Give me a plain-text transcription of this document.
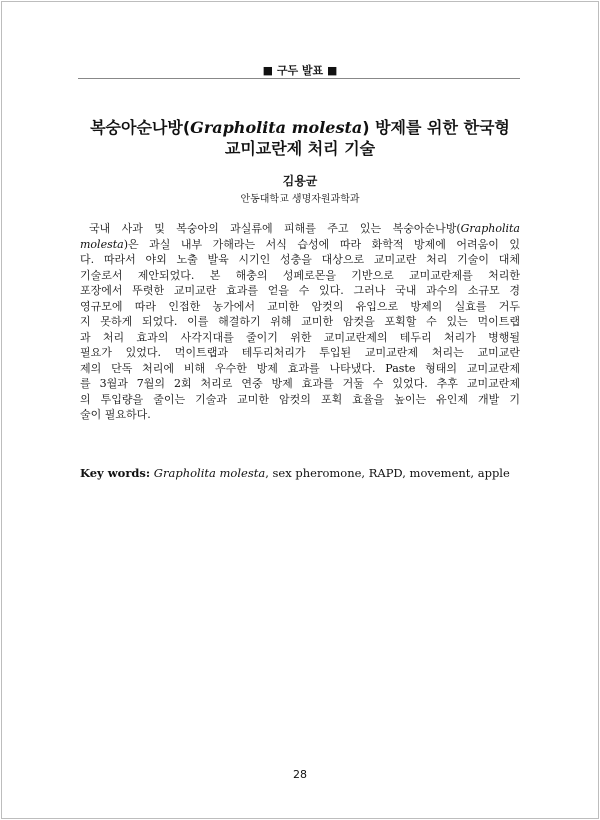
■ 구두 발표 ■
복숭아순나방(Grapholita molesta) 방제를 위한 한국형
교미교란제 처리 기술
김용균
안동대학교 생명자원과학과
국내 사과 및 복숭아의 과실류에 피해를 주고 있는 복숭아순나방(Grapholita
molesta)은 과실 내부 가해라는 서식 습성에 따라 화학적 방제에 어려움이 있
다. 따라서 야외 노출 발육 시기인 성충을 대상으로 교미교란 처리 기술이 대체
기술로서 제안되었다. 본 해충의 성페로몬을 기반으로 교미교란제를 처리한
포장에서 뚜렷한 교미교란 효과를 얻을 수 있다. 그러나 국내 과수의 소규모 경
영규모에 따라 인접한 농가에서 교미한 암컷의 유입으로 방제의 실효를 거두
지 못하게 되었다. 이를 해결하기 위해 교미한 암컷을 포획할 수 있는 먹이트랩
과 처리 효과의 사각지대를 줄이기 위한 교미교란제의 테두리 처리가 병행될
필요가 있었다. 먹이트랩과 테두리처리가 투입된 교미교란제 처리는 교미교란
제의 단독 처리에 비해 우수한 방제 효과를 나타냈다. Paste 형태의 교미교란제
를 3월과 7월의 2회 처리로 연중 방제 효과를 거둘 수 있었다. 추후 교미교란제
의 투입량을 줄이는 기술과 교미한 암컷의 포획 효율을 높이는 유인제 개발 기
술이 필요하다.
Key words: Grapholita molesta, sex pheromone, RAPD, movement, apple
28
